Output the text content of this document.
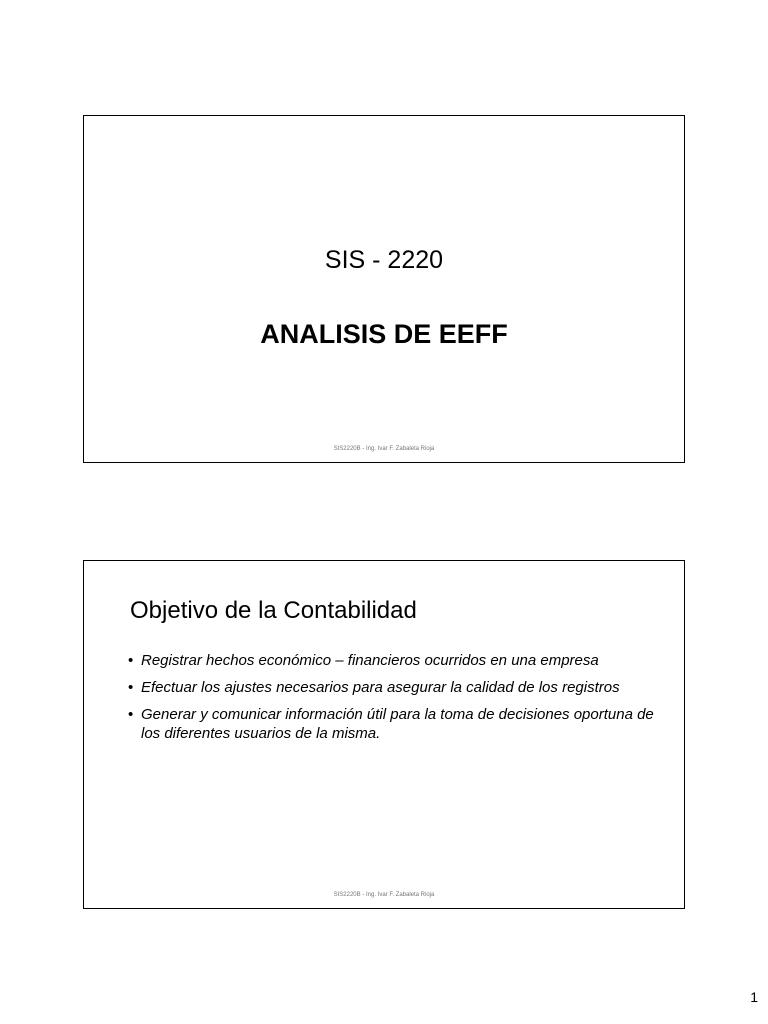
SIS - 2220
ANALISIS DE EEFF
SIS2220B - Ing. Ivar F. Zabaleta Rioja
Objetivo de la Contabilidad
• Registrar hechos económico – financieros ocurridos en una empresa
• Efectuar los ajustes necesarios para asegurar la calidad de los registros
• Generar y comunicar información útil para la toma de decisiones oportuna de los diferentes usuarios de la misma.
SIS2220B - Ing. Ivar F. Zabaleta Rioja
1
